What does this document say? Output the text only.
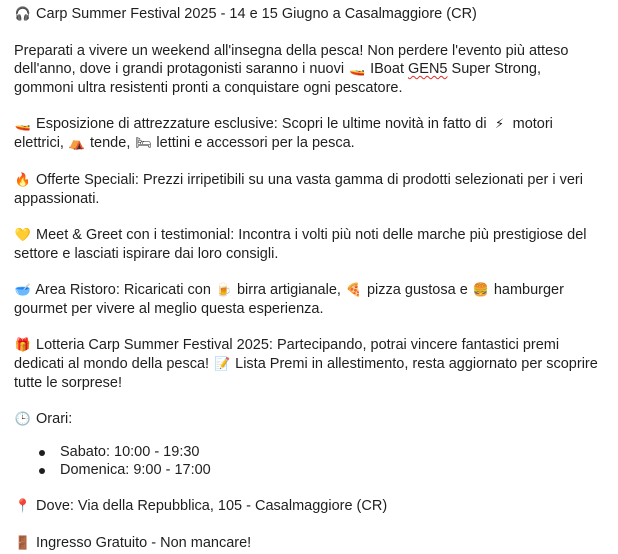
🎧 Carp Summer Festival 2025 - 14 e 15 Giugno a Casalmaggiore (CR)

Preparati a vivere un weekend all'insegna della pesca! Non perdere l'evento più atteso dell'anno, dove i grandi protagonisti saranno i nuovi 🚤 IBoat GEN5 Super Strong, gommoni ultra resistenti pronti a conquistare ogni pescatore.

🚤 Esposizione di attrezzature esclusive: Scopri le ultime novità in fatto di ⚡ motori elettrici, ⛺ tende, 🛏 lettini e accessori per la pesca.

🔥 Offerte Speciali: Prezzi irripetibili su una vasta gamma di prodotti selezionati per i veri appassionati.

💛 Meet & Greet con i testimonial: Incontra i volti più noti delle marche più prestigiose del settore e lasciati ispirare dai loro consigli.

🥣 Area Ristoro: Ricaricati con 🍺 birra artigianale, 🍕 pizza gustosa e 🍔 hamburger gourmet per vivere al meglio questa esperienza.

🎁 Lotteria Carp Summer Festival 2025: Partecipando, potrai vincere fantastici premi dedicati al mondo della pesca! 📝 Lista Premi in allestimento, resta aggiornato per scoprire tutte le sorprese!

🕒 Orari:

Sabato: 10:00 - 19:30
Domenica: 9:00 - 17:00

📍 Dove: Via della Repubblica, 105 - Casalmaggiore (CR)

🚪 Ingresso Gratuito - Non mancare!
